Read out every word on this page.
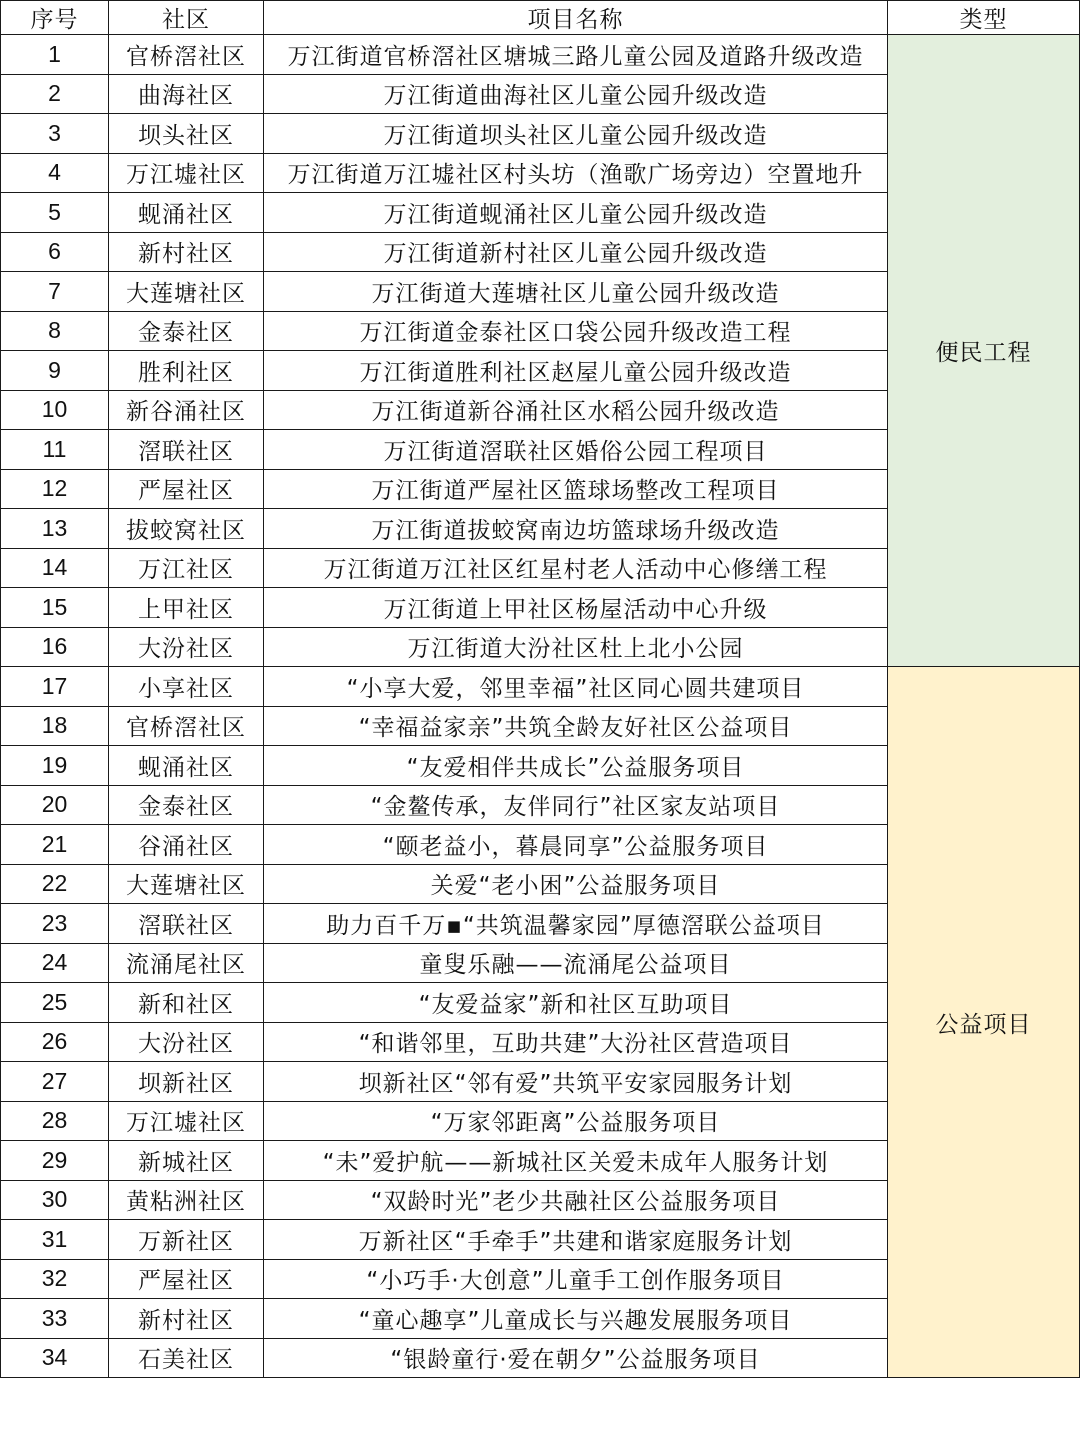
序号	社区	项目名称	类型
1	官桥滘社区	万江街道官桥滘社区塘城三路儿童公园及道路升级改造	便民工程
2	曲海社区	万江街道曲海社区儿童公园升级改造	
3	坝头社区	万江街道坝头社区儿童公园升级改造	
4	万江墟社区	万江街道万江墟社区村头坊（渔歌广场旁边）空置地升	
5	蚬涌社区	万江街道蚬涌社区儿童公园升级改造	
6	新村社区	万江街道新村社区儿童公园升级改造	
7	大莲塘社区	万江街道大莲塘社区儿童公园升级改造	
8	金泰社区	万江街道金泰社区口袋公园升级改造工程	
9	胜利社区	万江街道胜利社区赵屋儿童公园升级改造	
10	新谷涌社区	万江街道新谷涌社区水稻公园升级改造	
11	滘联社区	万江街道滘联社区婚俗公园工程项目	
12	严屋社区	万江街道严屋社区篮球场整改工程项目	
13	拔蛟窝社区	万江街道拔蛟窝南边坊篮球场升级改造	
14	万江社区	万江街道万江社区红星村老人活动中心修缮工程	
15	上甲社区	万江街道上甲社区杨屋活动中心升级	
16	大汾社区	万江街道大汾社区杜上北小公园	
17	小享社区	“小享大爱，邻里幸福”社区同心圆共建项目	公益项目
18	官桥滘社区	“幸福益家亲”共筑全龄友好社区公益项目	
19	蚬涌社区	“友爱相伴共成长”公益服务项目	
20	金泰社区	“金鳌传承，友伴同行”社区家友站项目	
21	谷涌社区	“颐老益小，暮晨同享”公益服务项目	
22	大莲塘社区	关爱“老小困”公益服务项目	
23	滘联社区	助力百千万▪“共筑温馨家园”厚德滘联公益项目	
24	流涌尾社区	童叟乐融——流涌尾公益项目	
25	新和社区	“友爱益家”新和社区互助项目	
26	大汾社区	“和谐邻里，互助共建”大汾社区营造项目	
27	坝新社区	坝新社区“邻有爱”共筑平安家园服务计划	
28	万江墟社区	“万家邻距离”公益服务项目	
29	新城社区	“未”爱护航——新城社区关爱未成年人服务计划	
30	黄粘洲社区	“双龄时光”老少共融社区公益服务项目	
31	万新社区	万新社区“手牵手”共建和谐家庭服务计划	
32	严屋社区	“小巧手·大创意”儿童手工创作服务项目	
33	新村社区	“童心趣享”儿童成长与兴趣发展服务项目	
34	石美社区	“银龄童行·爱在朝夕”公益服务项目	
